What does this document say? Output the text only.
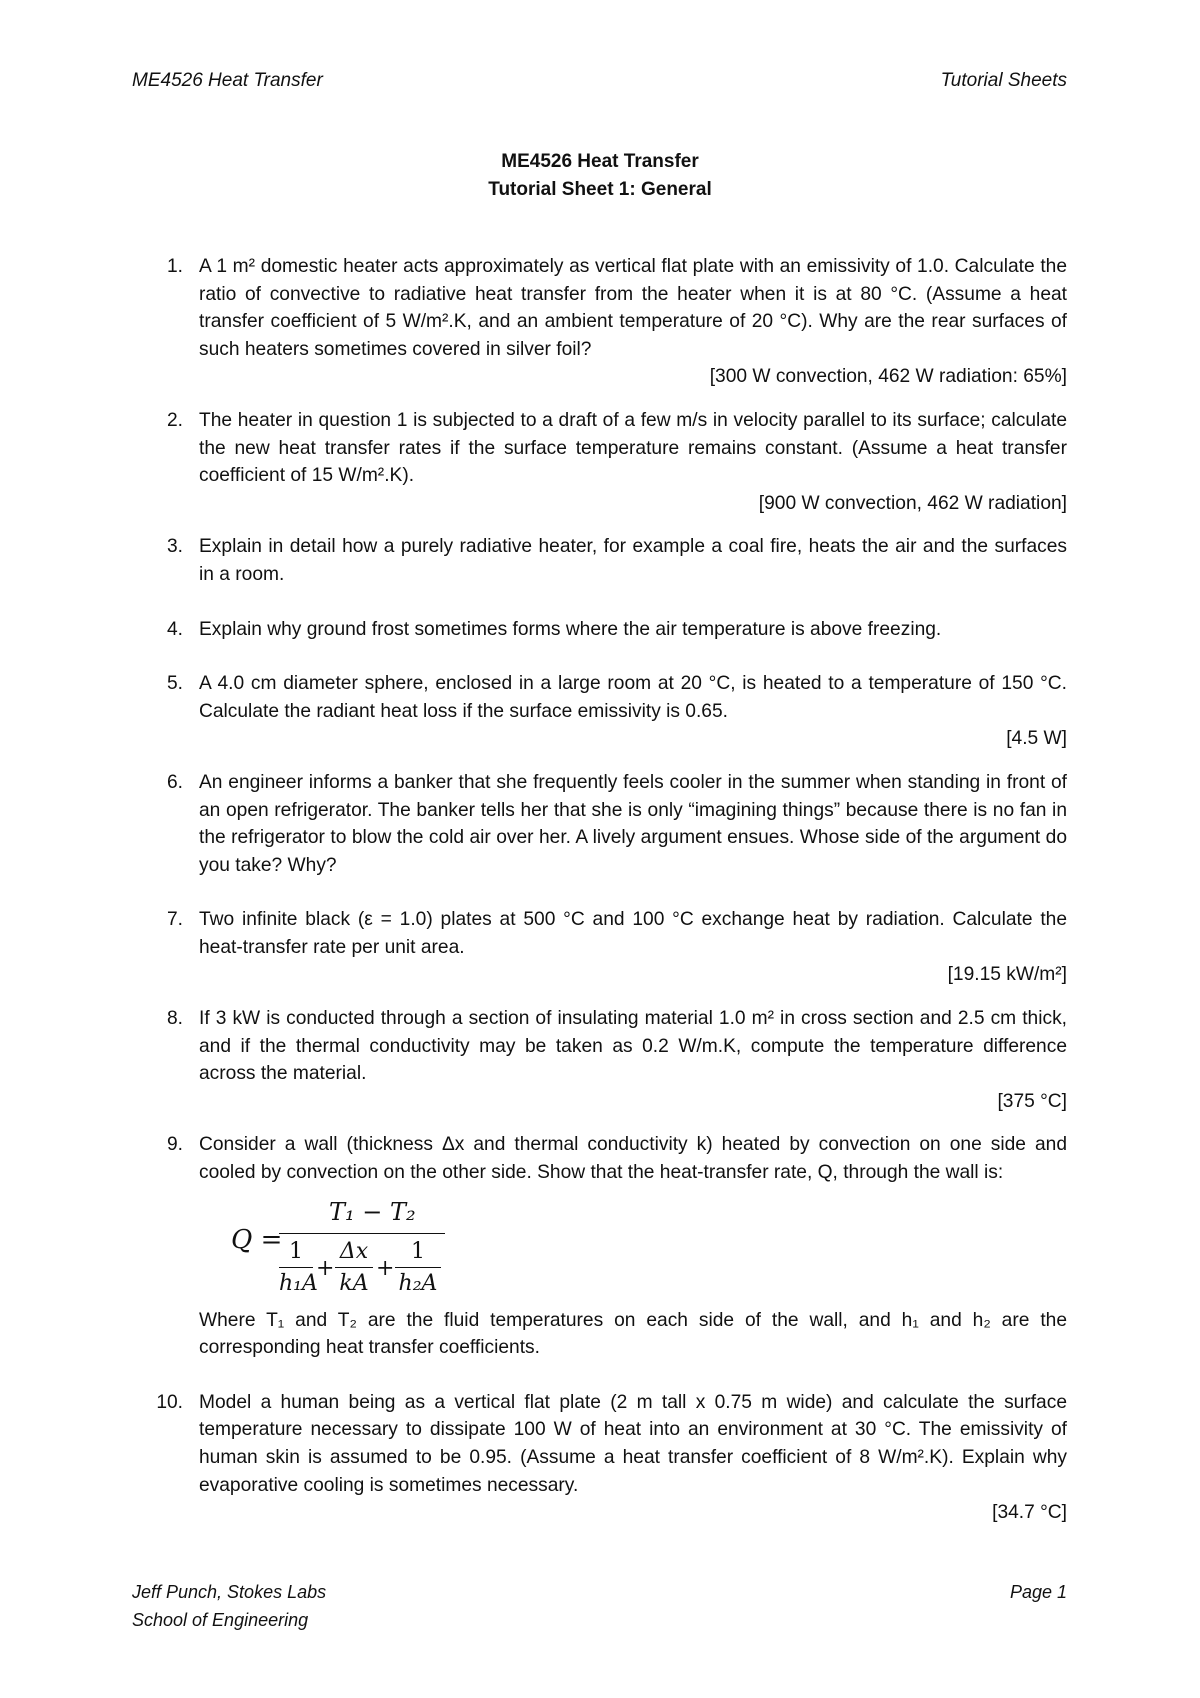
ME4526 Heat Transfer	Tutorial Sheets
ME4526 Heat Transfer
Tutorial Sheet 1: General
1. A 1 m² domestic heater acts approximately as vertical flat plate with an emissivity of 1.0. Calculate the ratio of convective to radiative heat transfer from the heater when it is at 80 °C. (Assume a heat transfer coefficient of 5 W/m².K, and an ambient temperature of 20 °C). Why are the rear surfaces of such heaters sometimes covered in silver foil?
[300 W convection, 462 W radiation: 65%]
2. The heater in question 1 is subjected to a draft of a few m/s in velocity parallel to its surface; calculate the new heat transfer rates if the surface temperature remains constant. (Assume a heat transfer coefficient of 15 W/m².K).
[900 W convection, 462 W radiation]
3. Explain in detail how a purely radiative heater, for example a coal fire, heats the air and the surfaces in a room.
4. Explain why ground frost sometimes forms where the air temperature is above freezing.
5. A 4.0 cm diameter sphere, enclosed in a large room at 20 °C, is heated to a temperature of 150 °C. Calculate the radiant heat loss if the surface emissivity is 0.65.
[4.5 W]
6. An engineer informs a banker that she frequently feels cooler in the summer when standing in front of an open refrigerator. The banker tells her that she is only “imagining things” because there is no fan in the refrigerator to blow the cold air over her. A lively argument ensues. Whose side of the argument do you take? Why?
7. Two infinite black (ε = 1.0) plates at 500 °C and 100 °C exchange heat by radiation. Calculate the heat-transfer rate per unit area.
[19.15 kW/m²]
8. If 3 kW is conducted through a section of insulating material 1.0 m² in cross section and 2.5 cm thick, and if the thermal conductivity may be taken as 0.2 W/m.K, compute the temperature difference across the material.
[375 °C]
9. Consider a wall (thickness Δx and thermal conductivity k) heated by convection on one side and cooled by convection on the other side. Show that the heat-transfer rate, Q, through the wall is:
Q =
T₁ − T₂
1
h₁A
+
Δx
kA
+
1
h₂A
Where T₁ and T₂ are the fluid temperatures on each side of the wall, and h₁ and h₂ are the corresponding heat transfer coefficients.
10. Model a human being as a vertical flat plate (2 m tall x 0.75 m wide) and calculate the surface temperature necessary to dissipate 100 W of heat into an environment at 30 °C. The emissivity of human skin is assumed to be 0.95. (Assume a heat transfer coefficient of 8 W/m².K). Explain why evaporative cooling is sometimes necessary.
[34.7 °C]
Jeff Punch, Stokes Labs
School of Engineering
Page 1
